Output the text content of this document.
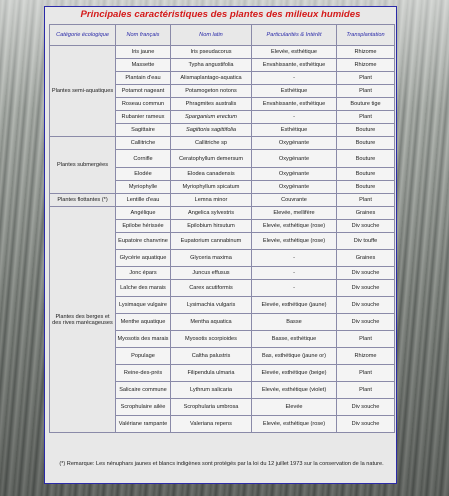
Principales caractéristiques des plantes des milieux humides
Catégorie écologique	Nom français	Nom latin	Particularités & Intérêt	Transplantation
Plantes semi-aquatiques	Iris jaune	Iris pseudacorus	Elevée, esthétique	Rhizome
	Massette	Typha angustifolia	Envahissante, esthétique	Rhizome
	Plantain d'eau	Alismaplantago-aquatica	-	Plant
	Potamot nageant	Potamogeton notons	Esthétique	Plant
	Roseau commun	Phragmites australis	Envahissante, esthétique	Bouture tige
	Rubanier rameux	Sparganium erectum	-	Plant
	Sagittaire	Sagittoria sagittifolia	Esthétique	Bouture
Plantes submergées	Callitriche	Callitriche sp	Oxygénante	Bouture
	Cornifle	Ceratophyllum demersum	Oxygénante	Bouture
	Elodée	Elodea canadensis	Oxygénante	Bouture
	Myriophylle	Myriophyllum spicatum	Oxygénante	Bouture
Plantes flottantes (*)	Lentille d'eau	Lemna minor	Couvrante	Plant
Plantes des berges et des rives marécageuses	Angélique	Angelica sylvestris	Elevée, mellifère	Graines
	Epilobe hérissée	Epilobium hirsutum	Elevée, esthétique (rose)	Div souche
	Eupatoire chanvrine	Eupatorium cannabinum	Elevée, esthétique (rose)	Div touffe
	Glycérie aquatique	Glyceria maxima	-	Graines
	Jonc épars	Juncus effusus	-	Div souche
	Laîche des marais	Carex acutiformis	-	Div souche
	Lysimaque vulgaire	Lysimachia vulgaris	Elevée, esthétique (jaune)	Div souche
	Menthe aquatique	Mentha aquatica	Basse	Div souche
	Myosotis des marais	Myosotis scorpioides	Basse, esthétique	Plant
	Populage	Caltha palustris	Bas, esthétique (jaune or)	Rhizome
	Reine-des-prés	Filipendula ulmaria	Elevée, esthétique (beige)	Plant
	Salicaire commune	Lythrum salicaria	Elevée, esthétique (violet)	Plant
	Scrophulaire ailée	Scrophularia umbrosa	Elevée	Div souche
	Valériane rampante	Valeriana repens	Elevée, esthétique (rose)	Div souche
(*) Remarque: Les nénuphars jaunes et blancs indigènes sont protégés par la loi du 12 juillet 1973 sur la conservation de la nature.
